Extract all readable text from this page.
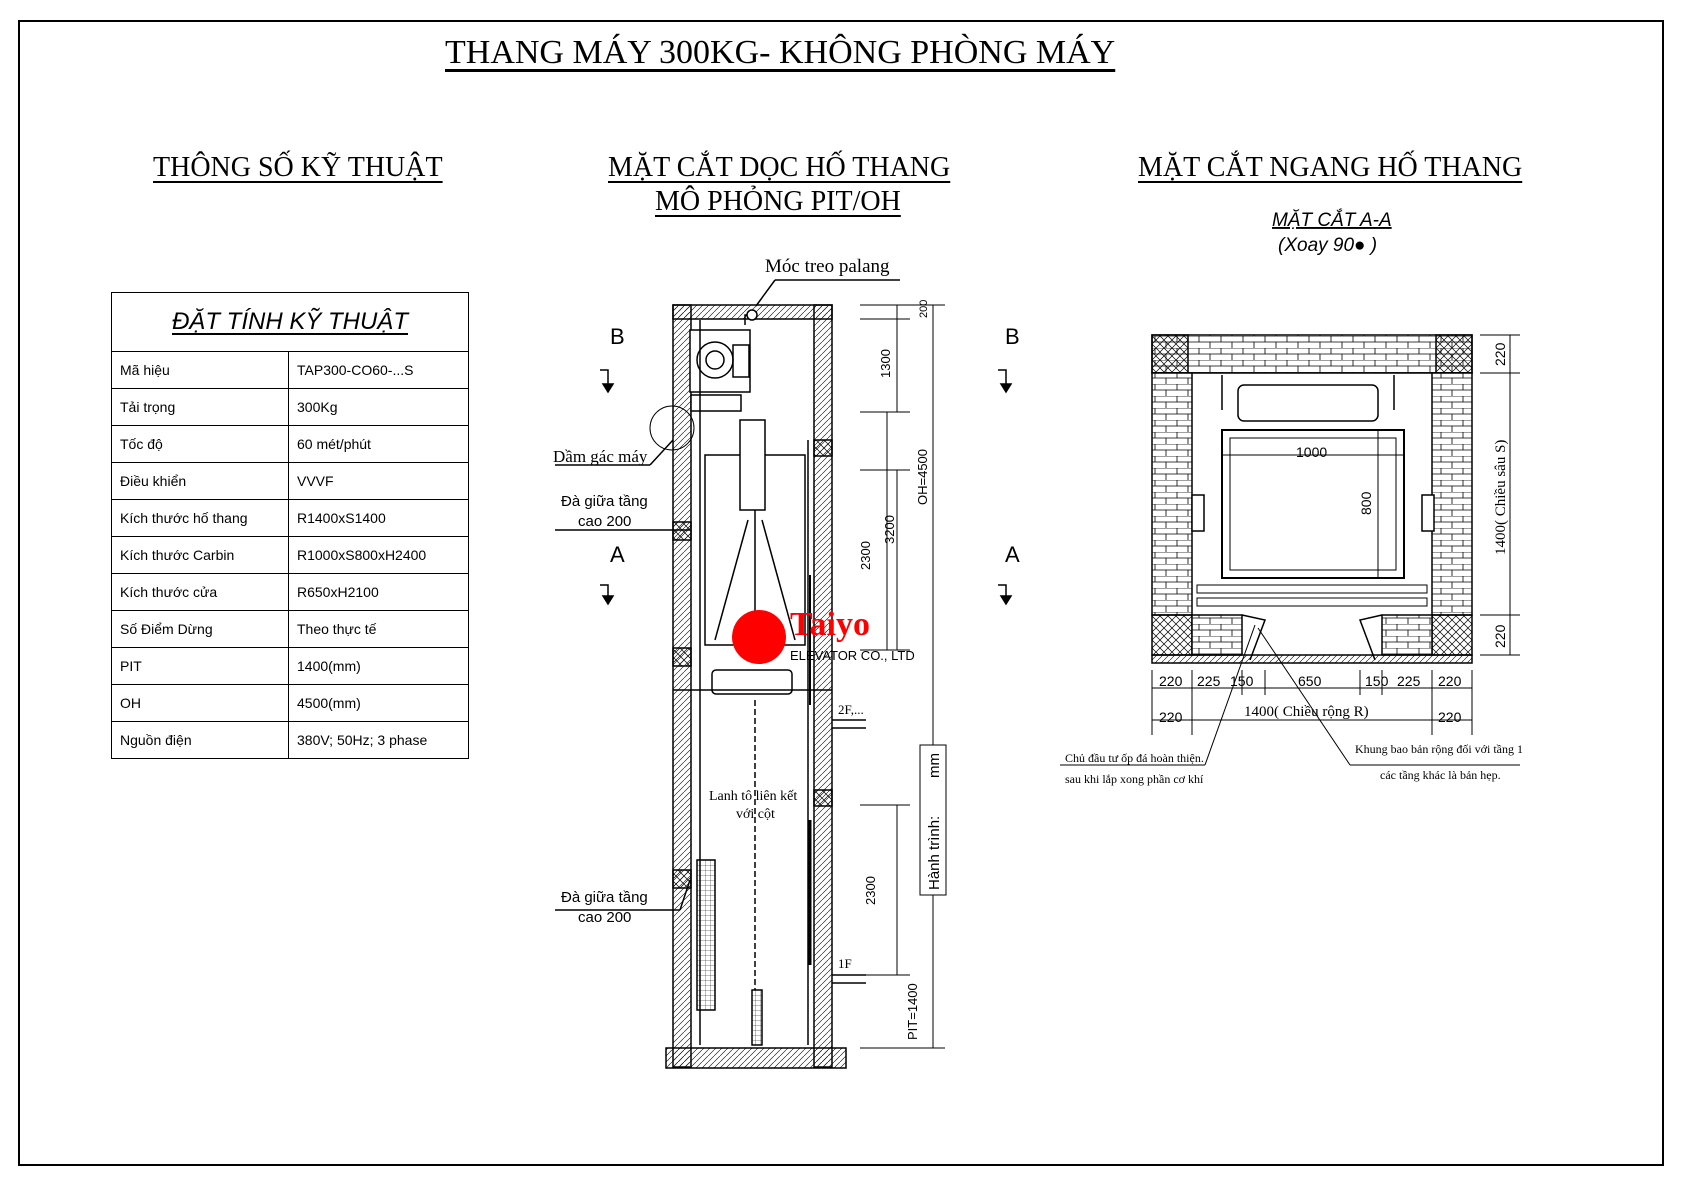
THANG MÁY 300KG- KHÔNG PHÒNG MÁY
THÔNG SỐ KỸ THUẬT	MẶT CẮT DỌC HỐ THANG
MÔ PHỎNG PIT/OH
MẶT CẮT NGANG HỐ THANG
ĐẶT TÍNH KỸ THUẬT	
Mã hiệu	TAP300-CO60-...S
Tải trọng	300Kg
Tốc độ	60 mét/phút
Điều khiển	VVVF
Kích thước hố thang	R1400xS1400
Kích thước Carbin	R1000xS800xH2400
Kích thước cửa	R650xH2100
Số Điểm Dừng	Theo thực tế
PIT	1400(mm)
OH	4500(mm)
Nguồn điện	380V; 50Hz; 3 phase
Móc treo palang
Dầm gác máy
Đà giữa tầng
cao 200
Đà giữa tầng
cao 200
Lanh tô liên kết
với cột
B
A
B
A
2F,...
1F
200
1300
3200
2300
OH=4500
Hành trình:
mm
2300
PIT=1400
Taiyo
ELEVATOR CO., LTD
MẶT CẮT A-A
(Xoay 90● )
1000
800
220
1400( Chiều sâu S)
220
220 225 150	650	150 225 220
220	1400( Chiều rộng R)	220
Chủ đầu tư ốp đá hoàn thiện.
sau khi lắp xong phần cơ khí
Khung bao bản rộng đối với tầng 1
các tầng khác là bản hẹp.
